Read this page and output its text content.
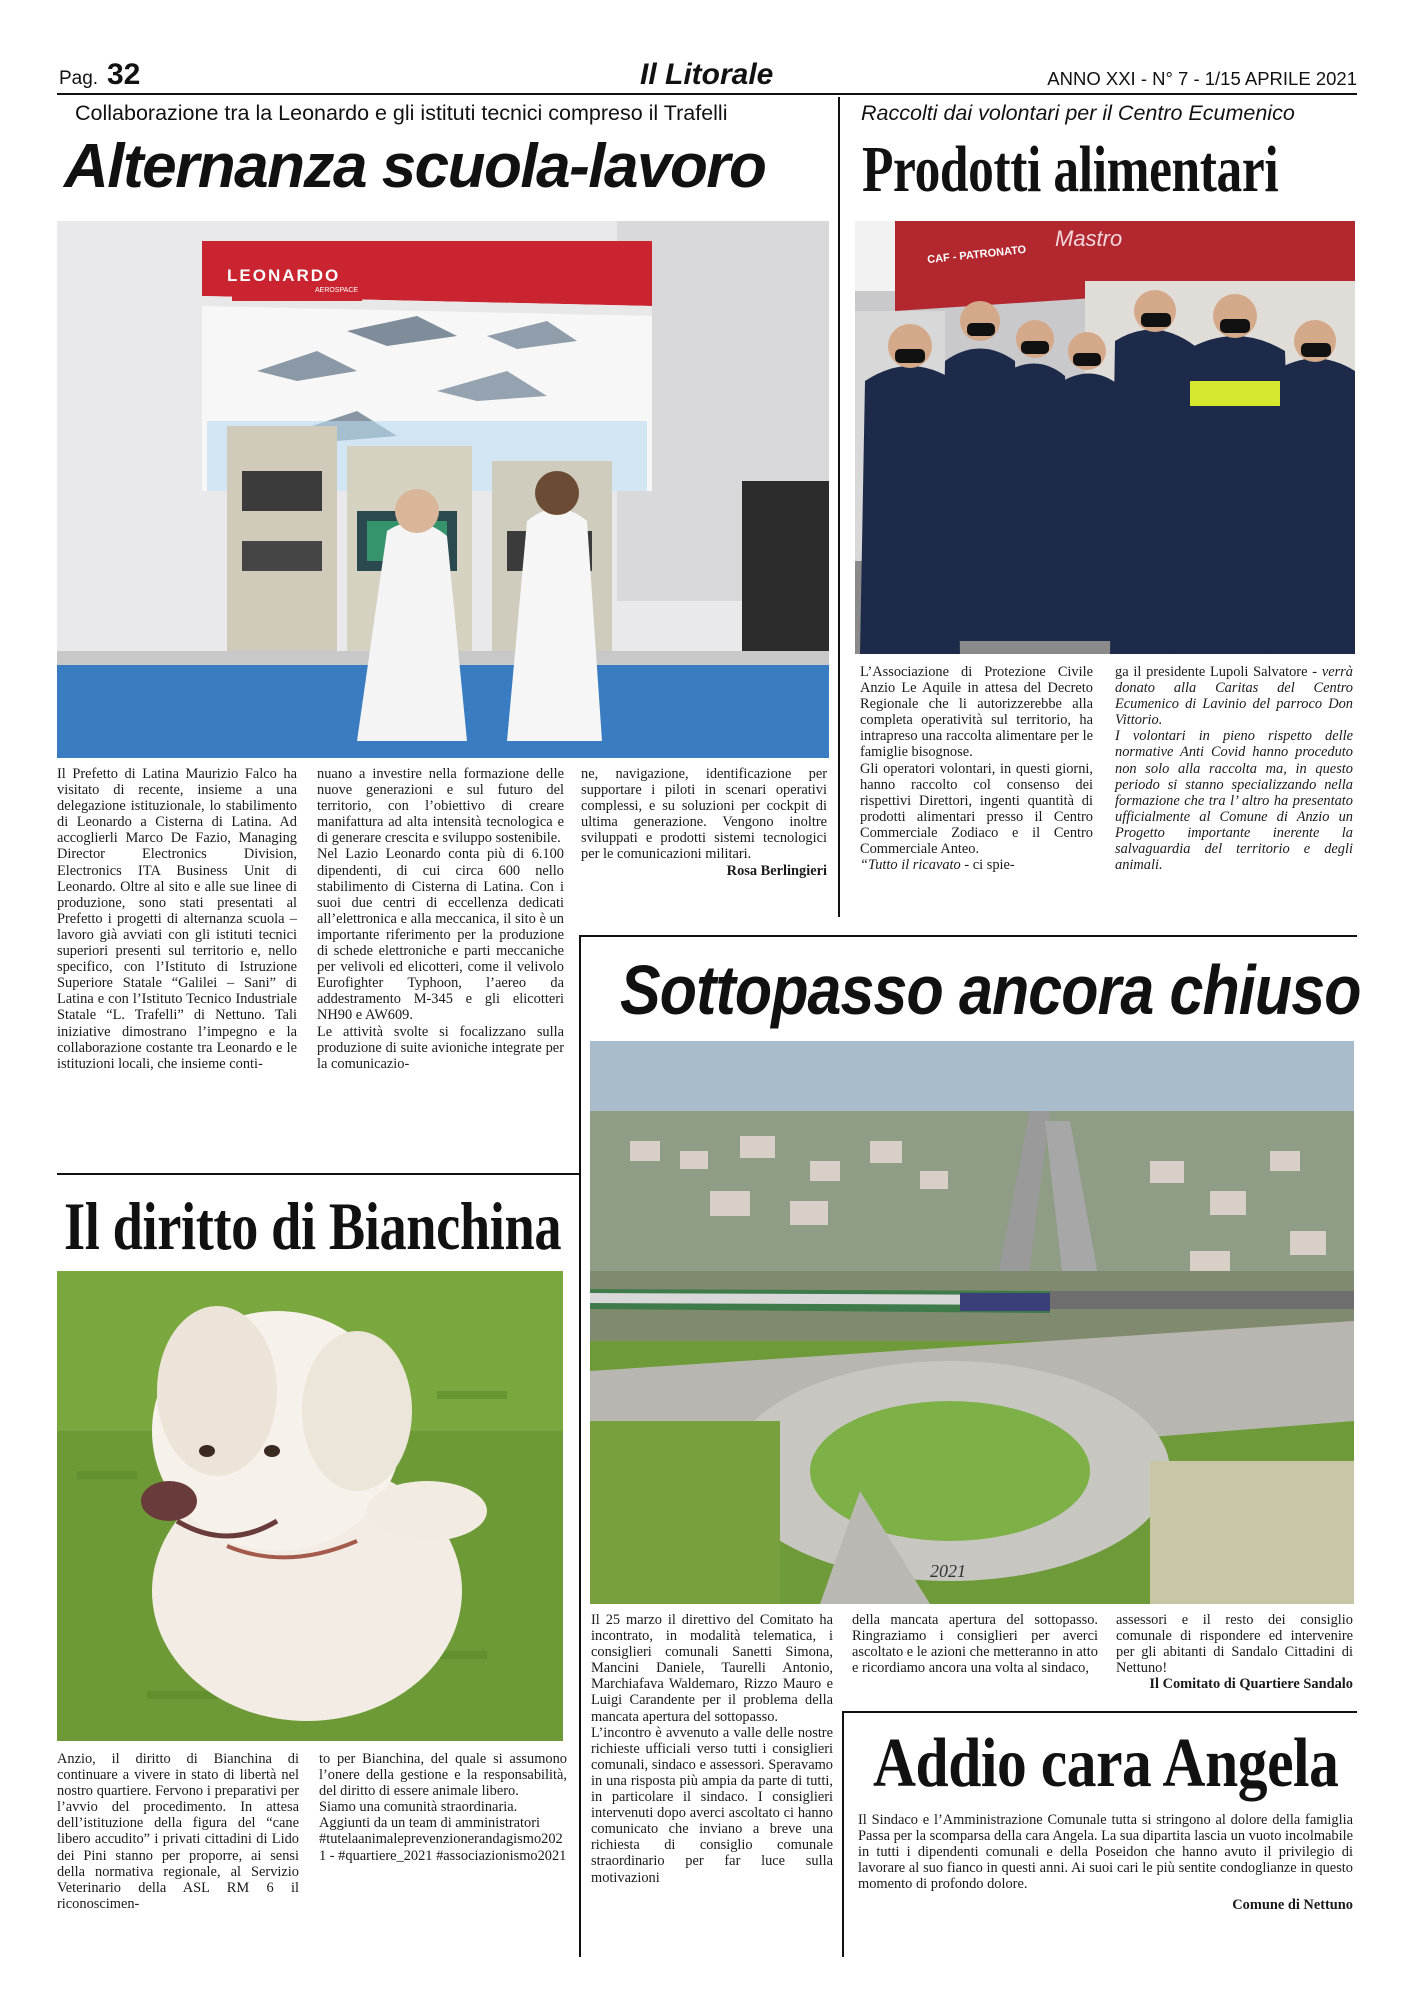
Pag. 32	Il Litorale	ANNO XXI - N° 7 - 1/15 APRILE 2021
Collaborazione tra la Leonardo e gli istituti tecnici compreso il Trafelli
Alternanza scuola-lavoro
LEONARDO
AEROSPACE

Il Prefetto di Latina Maurizio Falco ha visitato di recente, insieme a una delegazione istituzionale, lo stabilimento di Leonardo a Cisterna di Latina. Ad accoglierli Marco De Fazio, Managing Director Electronics Division, Electronics ITA Business Unit di Leonardo. Oltre al sito e alle sue linee di produzione, sono stati presentati al Prefetto i progetti di alternanza scuola – lavoro già avviati con gli istituti tecnici superiori presenti sul territorio e, nello specifico, con l’Istituto di Istruzione Superiore Statale “Galilei – Sani” di Latina e con l’Istituto Tecnico Industriale Statale “L. Trafelli” di Nettuno. Tali iniziative dimostrano l’impegno e la collaborazione costante tra Leonardo e le istituzioni locali, che insieme conti-

nuano a investire nella formazione delle nuove generazioni e sul futuro del territorio, con l’obiettivo di creare manifattura ad alta intensità tecnologica e di generare crescita e sviluppo sostenibile.

Nel Lazio Leonardo conta più di 6.100 dipendenti, di cui circa 600 nello stabilimento di Cisterna di Latina. Con i suoi due centri di eccellenza dedicati all’elettronica e alla meccanica, il sito è un importante riferimento per la produzione di schede elettroniche e parti meccaniche per velivoli ed elicotteri, come il velivolo Eurofighter Typhoon, l’aereo da addestramento M-345 e gli elicotteri NH90 e AW609.

Le attività svolte si focalizzano sulla produzione di suite avioniche integrate per la comunicazio-

ne, navigazione, identificazione per supportare i piloti in scenari operativi complessi, e su soluzioni per cockpit di ultima generazione. Vengono inoltre sviluppati e prodotti sistemi tecnologici per le comunicazioni militari.

Rosa Berlingieri

Raccolti dai volontari per il Centro Ecumenico
Prodotti alimentari
CAF - PATRONATO
Mastro

L’Associazione di Protezione Civile Anzio Le Aquile in attesa del Decreto Regionale che li autorizzerebbe alla completa operatività sul territorio, ha intrapreso una raccolta alimentare per le famiglie bisognose.

Gli operatori volontari, in questi giorni, hanno raccolto col consenso dei rispettivi Direttori, ingenti quantità di prodotti alimentari presso il Centro Commerciale Zodiaco e il Centro Commerciale Anteo.

“Tutto il ricavato - ci spie-

ga il presidente Lupoli Salvatore - verrà donato alla Caritas del Centro Ecumenico di Lavinio del parroco Don Vittorio.

I volontari in pieno rispetto delle normative Anti Covid hanno proceduto non solo alla raccolta ma, in questo periodo si stanno specializzando nella formazione che tra l’ altro ha presentato ufficialmente al Comune di Anzio un Progetto importante inerente la salvaguardia del territorio e degli animali.

Sottopasso ancora chiuso
2021

Il 25 marzo il direttivo del Comitato ha incontrato, in modalità telematica, i consiglieri comunali Sanetti Simona, Mancini Daniele, Taurelli Antonio, Marchiafava Waldemaro, Rizzo Mauro e Luigi Carandente per il problema della mancata apertura del sottopasso.

L’incontro è avvenuto a valle delle nostre richieste ufficiali verso tutti i consiglieri comunali, sindaco e assessori. Speravamo in una risposta più ampia da parte di tutti, in particolare il sindaco. I consiglieri intervenuti dopo averci ascoltato ci hanno comunicato che inviano a breve una richiesta di consiglio comunale straordinario per far luce sulla motivazioni

della mancata apertura del sottopasso. Ringraziamo i consiglieri per averci ascoltato e le azioni che metteranno in atto e ricordiamo ancora una volta al sindaco,

assessori e il resto dei consiglio comunale di rispondere ed intervenire per gli abitanti di Sandalo Cittadini di Nettuno!

Il Comitato di Quartiere Sandalo

Addio cara Angela

Il Sindaco e l’Amministrazione Comunale tutta si stringono al dolore della famiglia Passa per la scomparsa della cara Angela. La sua dipartita lascia un vuoto incolmabile in tutti i dipendenti comunali e della Poseidon che hanno avuto il privilegio di lavorare al suo fianco in questi anni. Ai suoi cari le più sentite condoglianze in questo momento di profondo dolore.

Comune di Nettuno

Il diritto di Bianchina

Anzio, il diritto di Bianchina di continuare a vivere in stato di libertà nel nostro quartiere. Fervono i preparativi per l’avvio del procedimento. In attesa dell’istituzione della figura del “cane libero accudito” i privati cittadini di Lido dei Pini stanno per proporre, ai sensi della normativa regionale, al Servizio Veterinario della ASL RM 6 il riconoscimen-

to per Bianchina, del quale si assumono l’onere della gestione e la responsabilità, del diritto di essere animale libero.

Siamo una comunità straordinaria.

Aggiunti da un team di amministratori

#tutelaanimaleprevenzionerandagismo2021 - #quartiere_2021 #associazionismo2021
